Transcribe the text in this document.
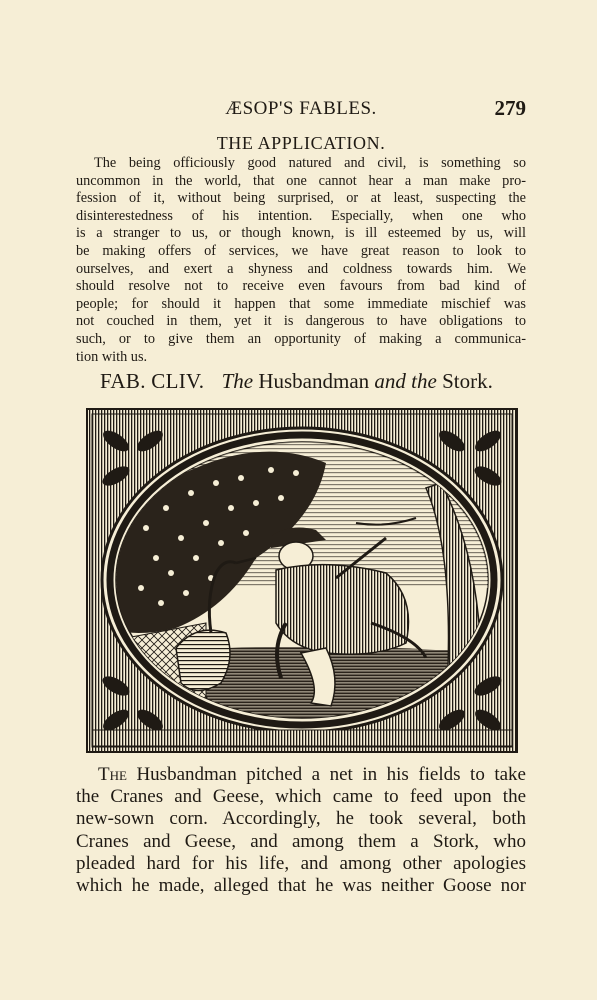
ÆSOP'S FABLES.	279
THE APPLICATION.
The being officiously good natured and civil, is something so
uncommon in the world, that one cannot hear a man make pro-
fession of it, without being surprised, or at least, suspecting the
disinterestedness of his intention. Especially, when one who
is a stranger to us, or though known, is ill esteemed by us, will
be making offers of services, we have great reason to look to
ourselves, and exert a shyness and coldness towards him. We
should resolve not to receive even favours from bad kind of
people; for should it happen that some immediate mischief was
not couched in them, yet it is dangerous to have obligations to
such, or to give them an opportunity of making a communica-
tion with us.
FAB. CLIV. The Husbandman and the Stork.
The Husbandman pitched a net in his fields to take
the Cranes and Geese, which came to feed upon the
new-sown corn. Accordingly, he took several, both
Cranes and Geese, and among them a Stork, who
pleaded hard for his life, and among other apologies
which he made, alleged that he was neither Goose nor
